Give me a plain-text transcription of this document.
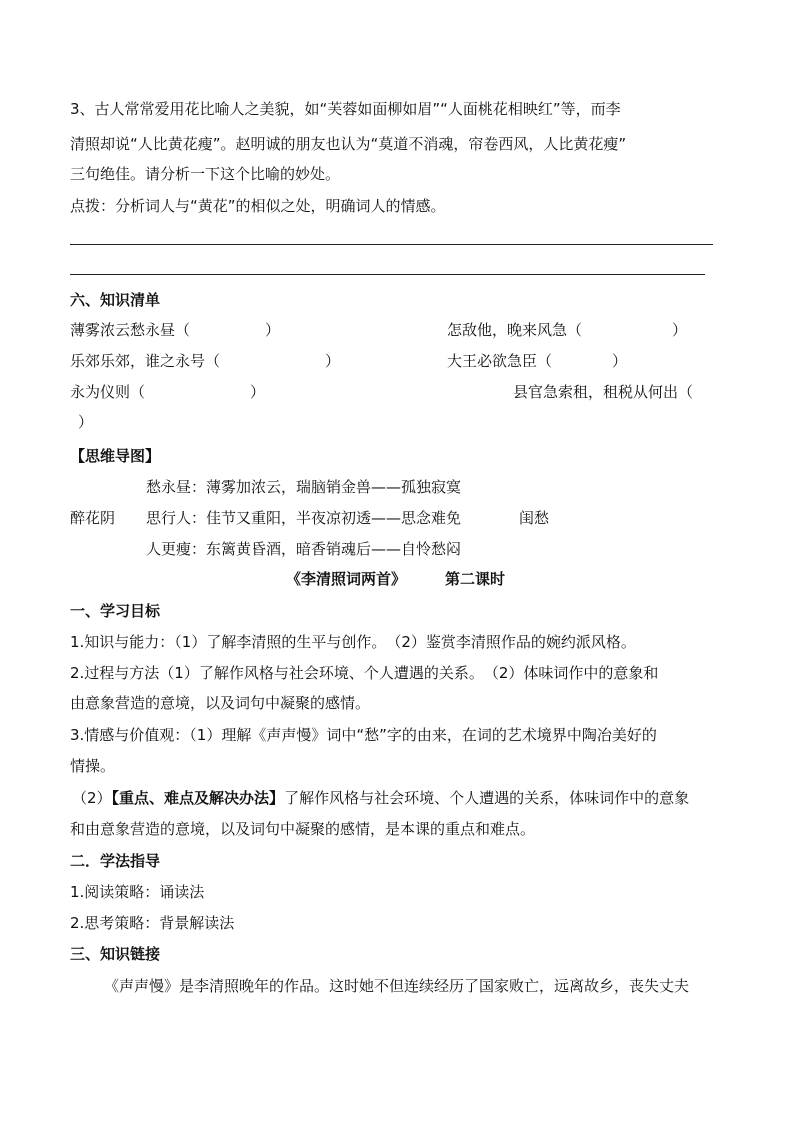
3、古人常常爱用花比喻人之美貌，如“芙蓉如面柳如眉”“人面桃花相映红”等，而李
清照却说“人比黄花瘦”。赵明诚的朋友也认为“莫道不消魂，帘卷西风，人比黄花瘦”
三句绝佳。请分析一下这个比喻的妙处。
点拨：分析词人与“黄花”的相似之处，明确词人的情感。
六、知识清单
薄雾浓云愁永昼（　　　　　）	怎敌他，晚来风急（　　　　　　）
乐郊乐郊，谁之永号（　　　　　　　）	大王必欲急臣（　　　　）
永为仪则（　　　　　　　）	县官急索租，租税从何出（
）
【思维导图】
愁永昼：薄雾加浓云，瑞脑销金兽——孤独寂寞
醉花阴 思行人：佳节又重阳，半夜凉初透——思念难免	闺愁
人更瘦：东篱黄昏酒，暗香销魂后——自怜愁闷
《李清照词两首》	第二课时
一、学习目标
1.知识与能力：（1）了解李清照的生平与创作。　（2）鉴赏李清照作品的婉约派风格。
2.过程与方法（1）了解作风格与社会环境、个人遭遇的关系。　（2）体味词作中的意象和
由意象营造的意境，以及词句中凝聚的感情。
3.情感与价值观：（1）理解《声声慢》词中“愁”字的由来，在词的艺术境界中陶冶美好的
情操。
（2）【重点、难点及解决办法】了解作风格与社会环境、个人遭遇的关系，体味词作中的意象
和由意象营造的意境，以及词句中凝聚的感情，是本课的重点和难点。
二．学法指导
1.阅读策略：诵读法
2.思考策略：背景解读法
三、知识链接
《声声慢》是李清照晚年的作品。这时她不但连续经历了国家败亡，远离故乡，丧失丈夫
